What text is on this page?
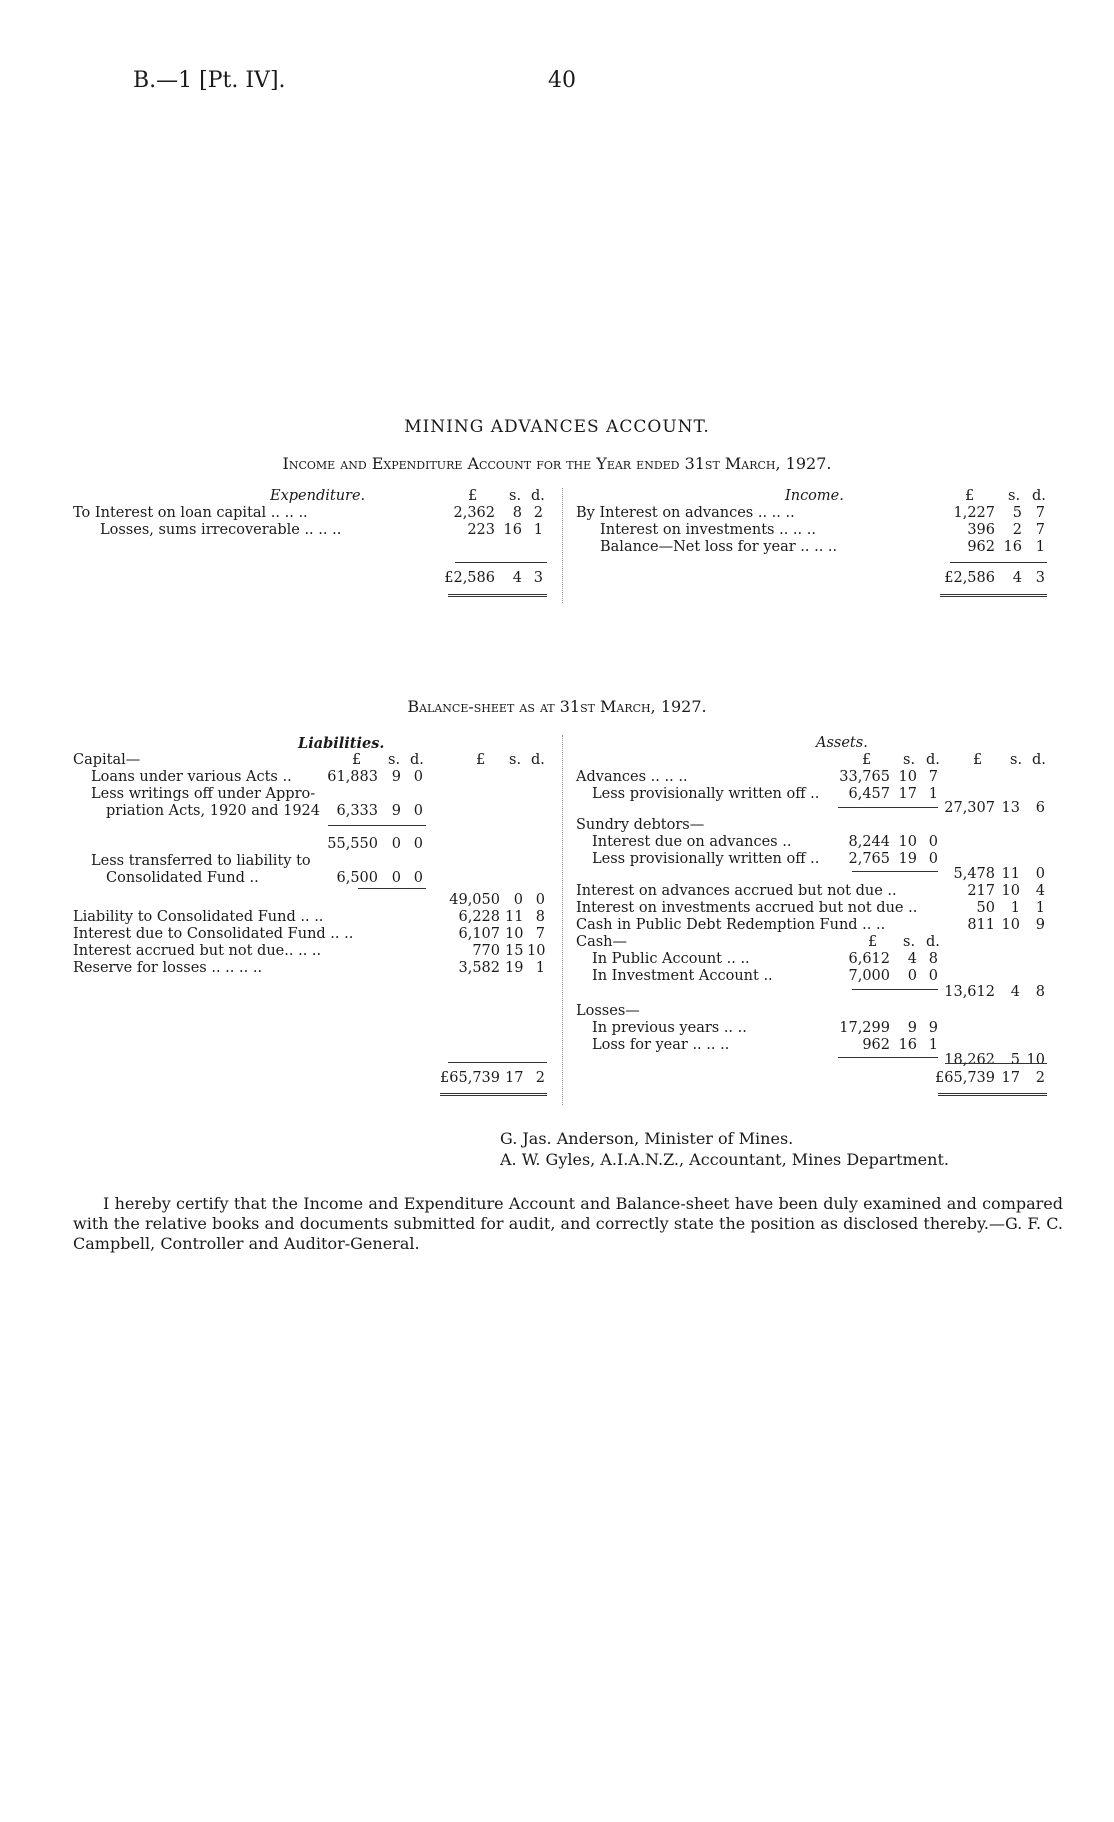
B.—1 [Pt. IV].	40
MINING ADVANCES ACCOUNT.
Income and Expenditure Account for the Year ended 31st March, 1927.
Expenditure.	£ s. d.	Income.	£ s. d.
To Interest on loan capital .. .. ..	2,362	8 2
Losses, sums irrecoverable .. .. ..	223 16 1
£2,586	4 3
By Interest on advances .. .. ..	1,227	5 7
Interest on investments .. .. ..	396	2 7
Balance—Net loss for year .. .. ..	962 16 1
£2,586	4 3
Balance-sheet as at 31st March, 1927.
Liabilities.
Capital—	£ s. d.	£ s. d.
Loans under various Acts ..	61,883 9 0
Less writings off under Appro-
priation Acts, 1920 and 1924	6,333 9 0
55,550 0 0
Less transferred to liability to
Consolidated Fund ..	6,500 0 0
49,050 0 0
Liability to Consolidated Fund .. ..	6,228 11 8
Interest due to Consolidated Fund .. ..	6,107 10 7
Interest accrued but not due.. .. ..	770 15 10
Reserve for losses .. .. .. ..	3,582 19 1
£65,739 17 2
Assets.
£ s. d. £ s. d.
Advances .. .. ..	33,765 10 7
Less provisionally written off ..	6,457 17 1
27,307 13	6
Sundry debtors—
Interest due on advances ..	8,244 10 0
Less provisionally written off ..	2,765 19 0
5,478 11	0
Interest on advances accrued but not due ..	217 10	4
Interest on investments accrued but not due ..	50	1	1
Cash in Public Debt Redemption Fund .. ..	811 10	9
Cash—	£ s. d.
In Public Account .. ..	6,612	4 8
In Investment Account ..	7,000	0 0
13,612	4	8
Losses—
In previous years .. ..	17,299	9 9
Loss for year .. .. ..	962 16 1
18,262	5 10
£65,739 17	2
G. Jas. Anderson, Minister of Mines.
A. W. Gyles, A.I.A.N.Z., Accountant, Mines Department.
I hereby certify that the Income and Expenditure Account and Balance-sheet have been duly examined and compared with the relative books and documents submitted for audit, and correctly state the position as disclosed thereby.—G. F. C. Campbell, Controller and Auditor-General.
